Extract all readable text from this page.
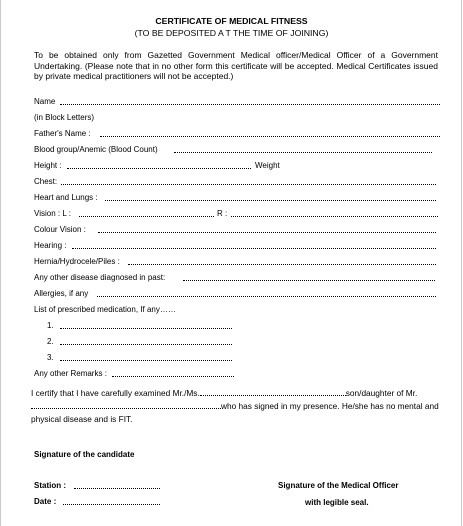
CERTIFICATE OF MEDICAL FITNESS
(TO BE DEPOSITED A T THE TIME OF JOINING)
To be obtained only from Gazetted Government Medical officer/Medical Officer of a Government Undertaking. (Please note that in no other form this certificate will be accepted. Medical Certificates issued by private medical practitioners will not be accepted.)
Name
(in Block Letters)
Father's Name :
Blood group/Anemic (Blood Count)
Height :	Weight
Chest:
Heart and Lungs :
Vision : L :	R :
Colour Vision :
Hearing :
Hernia/Hydrocele/Piles :
Any other disease diagnosed in past:
Allergies, if any
List of prescribed medication, If any……
1.
2.
3.
Any other Remarks :
I certify that I have carefully examined Mr./Ms.	son/daughter of Mr. who has signed in my presence. He/she has no mental and physical disease and is FIT.
Signature of the candidate
Station :
Date :
Signature of the Medical Officer
with legible seal.
